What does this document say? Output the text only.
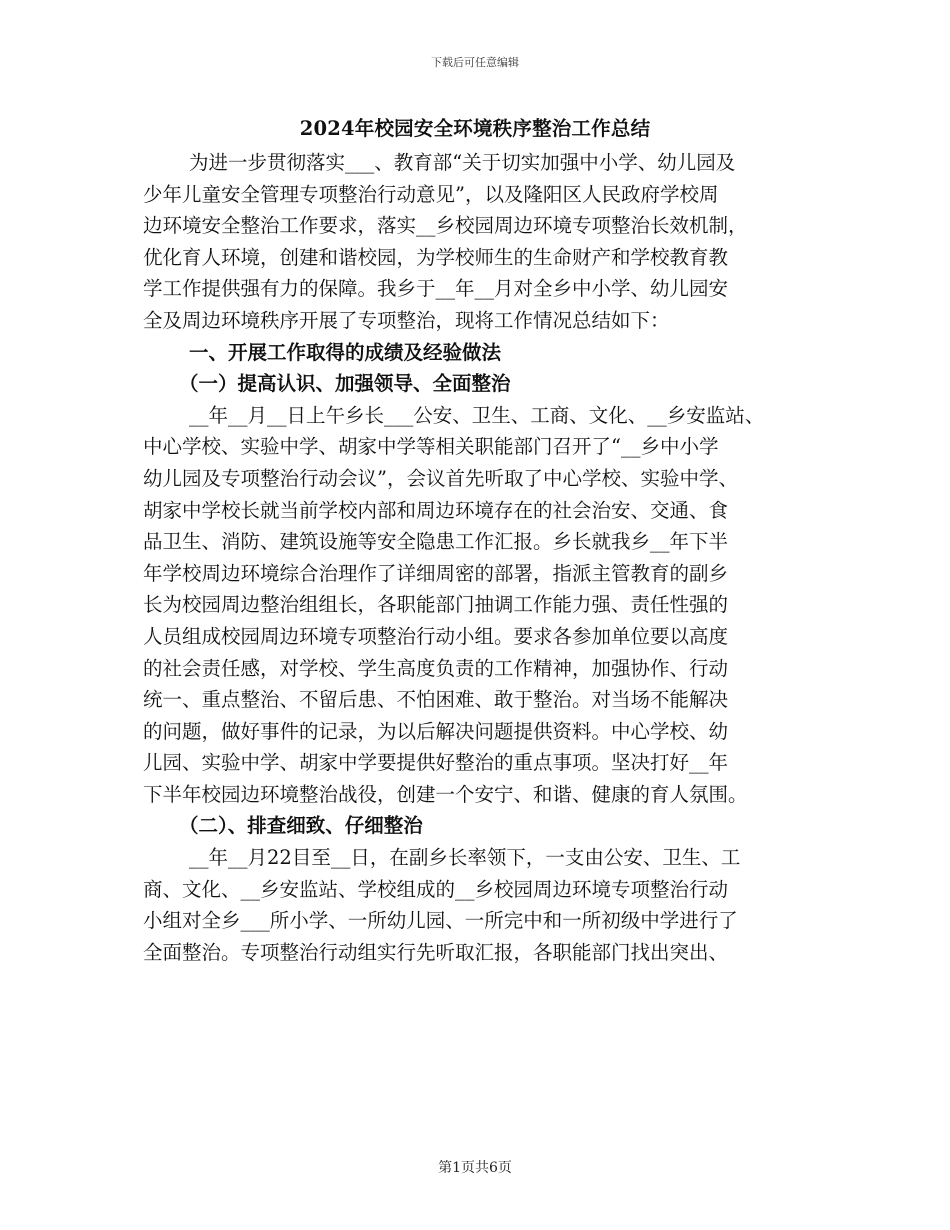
下载后可任意编辑
2024年校园安全环境秩序整治工作总结
为进一步贯彻落实___、教育部“关于切实加强中小学、幼儿园及
少年儿童安全管理专项整治行动意见”，以及隆阳区人民政府学校周
边环境安全整治工作要求，落实__乡校园周边环境专项整治长效机制，
优化育人环境，创建和谐校园，为学校师生的生命财产和学校教育教
学工作提供强有力的保障。我乡于__年__月对全乡中小学、幼儿园安
全及周边环境秩序开展了专项整治，现将工作情况总结如下：
一、开展工作取得的成绩及经验做法
（一）提高认识、加强领导、全面整治
__年__月__日上午乡长___公安、卫生、工商、文化、__乡安监站、
中心学校、实验中学、胡家中学等相关职能部门召开了“__乡中小学
幼儿园及专项整治行动会议”，会议首先听取了中心学校、实验中学、
胡家中学校长就当前学校内部和周边环境存在的社会治安、交通、食
品卫生、消防、建筑设施等安全隐患工作汇报。乡长就我乡__年下半
年学校周边环境综合治理作了详细周密的部署，指派主管教育的副乡
长为校园周边整治组组长，各职能部门抽调工作能力强、责任性强的
人员组成校园周边环境专项整治行动小组。要求各参加单位要以高度
的社会责任感，对学校、学生高度负责的工作精神，加强协作、行动
统一、重点整治、不留后患、不怕困难、敢于整治。对当场不能解决
的问题，做好事件的记录，为以后解决问题提供资料。中心学校、幼
儿园、实验中学、胡家中学要提供好整治的重点事项。坚决打好__年
下半年校园边环境整治战役，创建一个安宁、和谐、健康的育人氛围。
（二）、排查细致、仔细整治
__年__月22目至__日，在副乡长率领下，一支由公安、卫生、工
商、文化、__乡安监站、学校组成的__乡校园周边环境专项整治行动
小组对全乡___所小学、一所幼儿园、一所完中和一所初级中学进行了
全面整治。专项整治行动组实行先听取汇报，各职能部门找出突出、
第1页共6页
